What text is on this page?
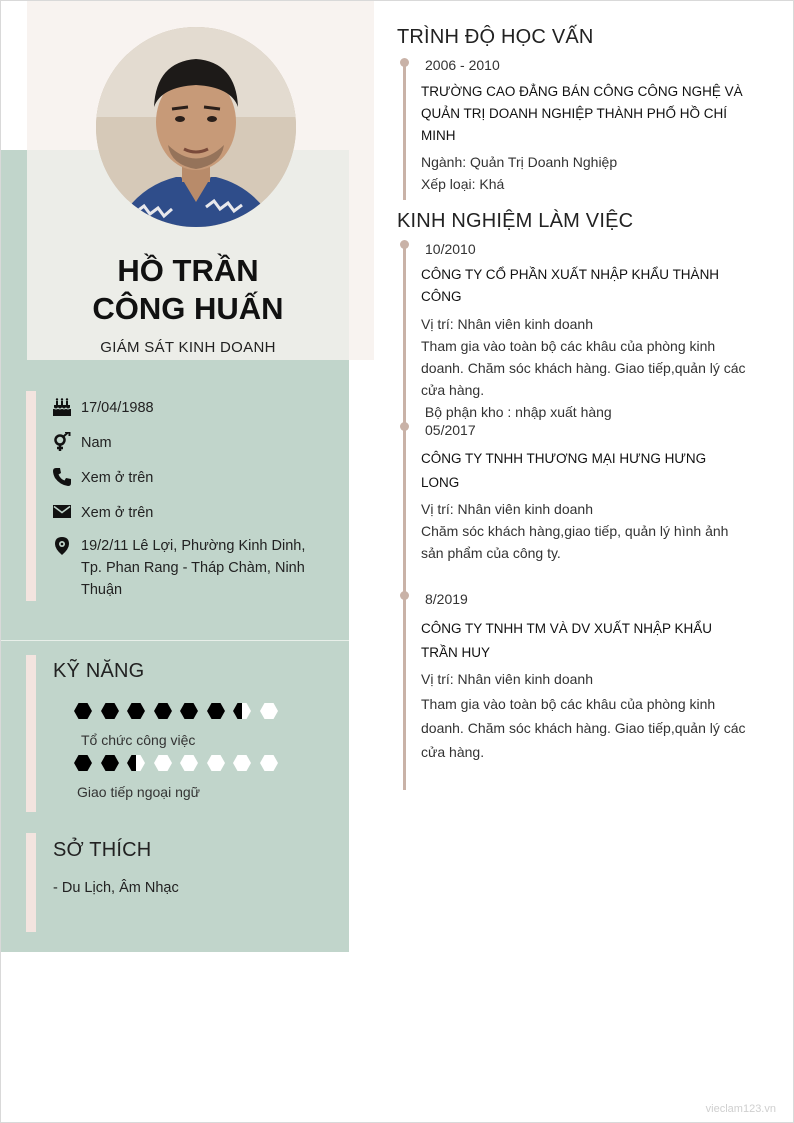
HỒ TRẦN
CÔNG HUẤN
GIÁM SÁT KINH DOANH
17/04/1988
Nam
Xem ở trên
Xem ở trên
19/2/11 Lê Lợi, Phường Kinh Dinh,
Tp. Phan Rang - Tháp Chàm, Ninh
Thuận
KỸ NĂNG
Tổ chức công việc
Giao tiếp ngoại ngữ
SỞ THÍCH
- Du Lịch, Âm Nhạc
TRÌNH ĐỘ HỌC VẤN
2006 - 2010
TRƯỜNG CAO ĐẲNG BÁN CÔNG CÔNG NGHỆ VÀ
QUẢN TRỊ DOANH NGHIỆP THÀNH PHỐ HỒ CHÍ
MINH
Ngành: Quản Trị Doanh Nghiệp
Xếp loại: Khá
KINH NGHIỆM LÀM VIỆC
10/2010
CÔNG TY CỔ PHẦN XUẤT NHẬP KHẨU THÀNH
CÔNG
Vị trí: Nhân viên kinh doanh
Tham gia vào toàn bộ các khâu của phòng kinh
doanh. Chăm sóc khách hàng. Giao tiếp,quản lý các
cửa hàng.
Bộ phận kho : nhập xuất hàng
05/2017
CÔNG TY TNHH THƯƠNG MẠI HƯNG HƯNG
LONG
Vị trí: Nhân viên kinh doanh
Chăm sóc khách hàng,giao tiếp, quản lý hình ảnh
sản phẩm của công ty.
8/2019
CÔNG TY TNHH TM VÀ DV XUẤT NHẬP KHẨU
TRẦN HUY
Vị trí: Nhân viên kinh doanh
Tham gia vào toàn bộ các khâu của phòng kinh
doanh. Chăm sóc khách hàng. Giao tiếp,quản lý các
cửa hàng.
vieclam123.vn
